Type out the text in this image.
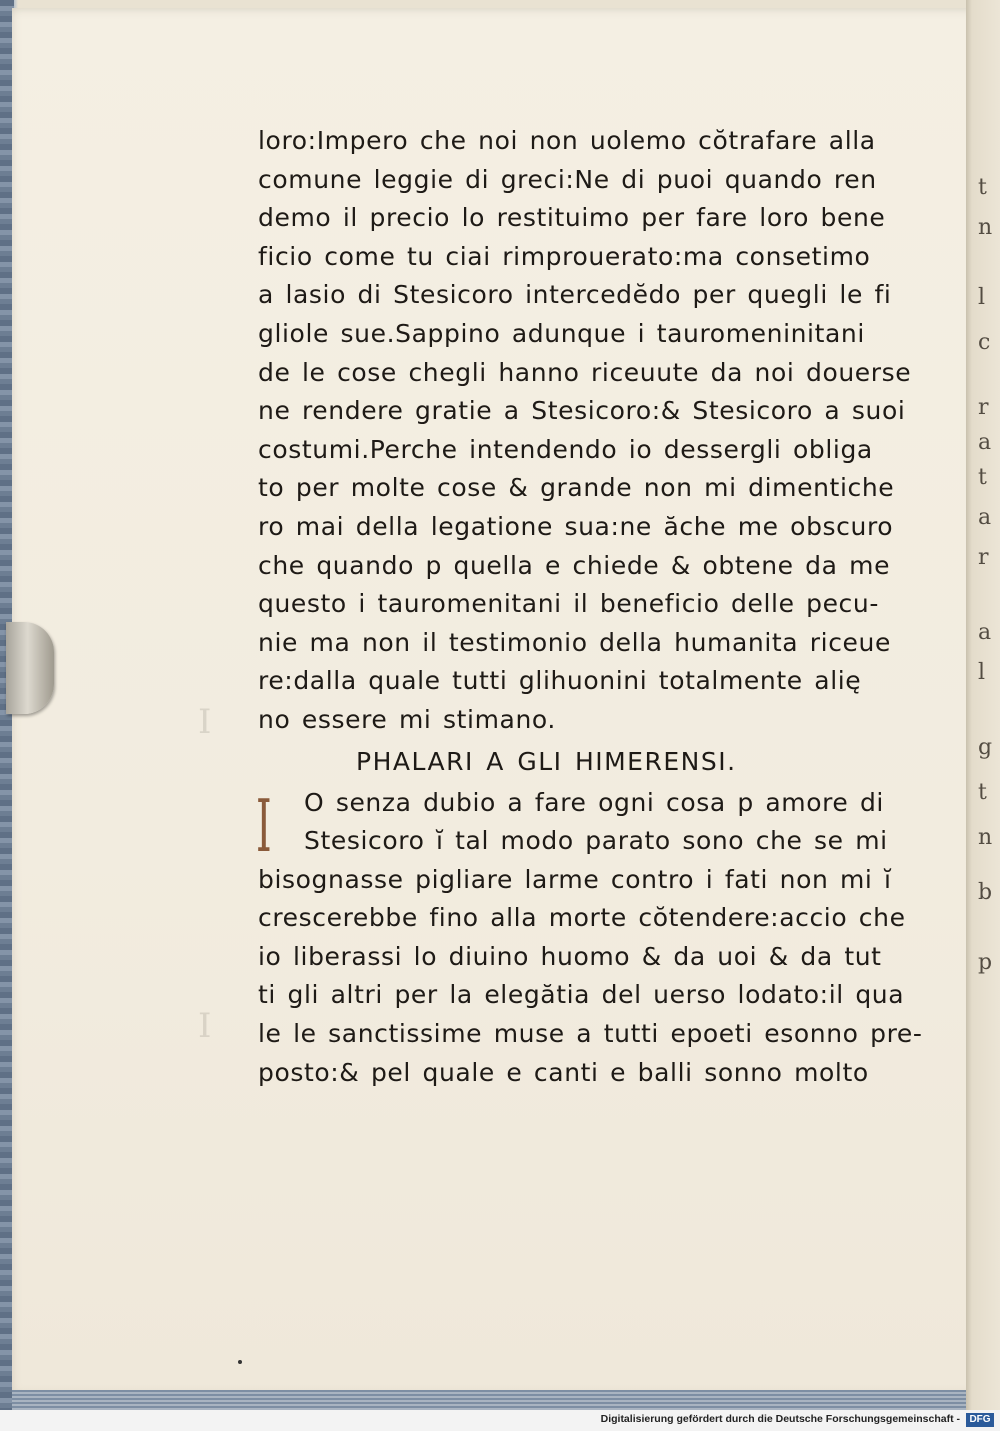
t
n
l
c
r
a
t
a
r
a
l
g
t
n
b
p
I
I
loro:Impero che noi non uolemo cŏtrafare alla
comune leggie di greci:Ne di puoi quando ren
demo il precio lo restituimo per fare loro bene
ficio come tu ciai rimprouerato:ma consetimo
a lasio di Stesicoro intercedĕdo per quegli le fi
gliole sue.Sappino adunque i tauromeninitani
de le cose chegli hanno riceuute da noi douerse
ne rendere gratie a Stesicoro:& Stesicoro a suoi
costumi.Perche intendendo io dessergli obliga
to per molte cose & grande non mi dimentiche
ro mai della legatione sua:ne ăche me obscuro
che quando p quella e chiede & obtene da me
questo i tauromenitani il beneficio delle pecu-
nie ma non il testimonio della humanita riceue
re:dalla quale tutti glihuonini totalmente alię
no essere mi stimano.
PHALARI A GLI HIMERENSI.
I	O senza dubio a fare ogni cosa p amore di
Stesicoro ĭ tal modo parato sono che se mi
bisognasse pigliare larme contro i fati non mi ĭ
crescerebbe fino alla morte cŏtendere:accio che
io liberassi lo diuino huomo & da uoi & da tut
ti gli altri per la elegătia del uerso lodato:il qua
le le sanctissime muse a tutti epoeti esonno pre-
posto:& pel quale e canti e balli sonno molto
Digitalisierung gefördert durch die Deutsche Forschungsgemeinschaft - DFG
